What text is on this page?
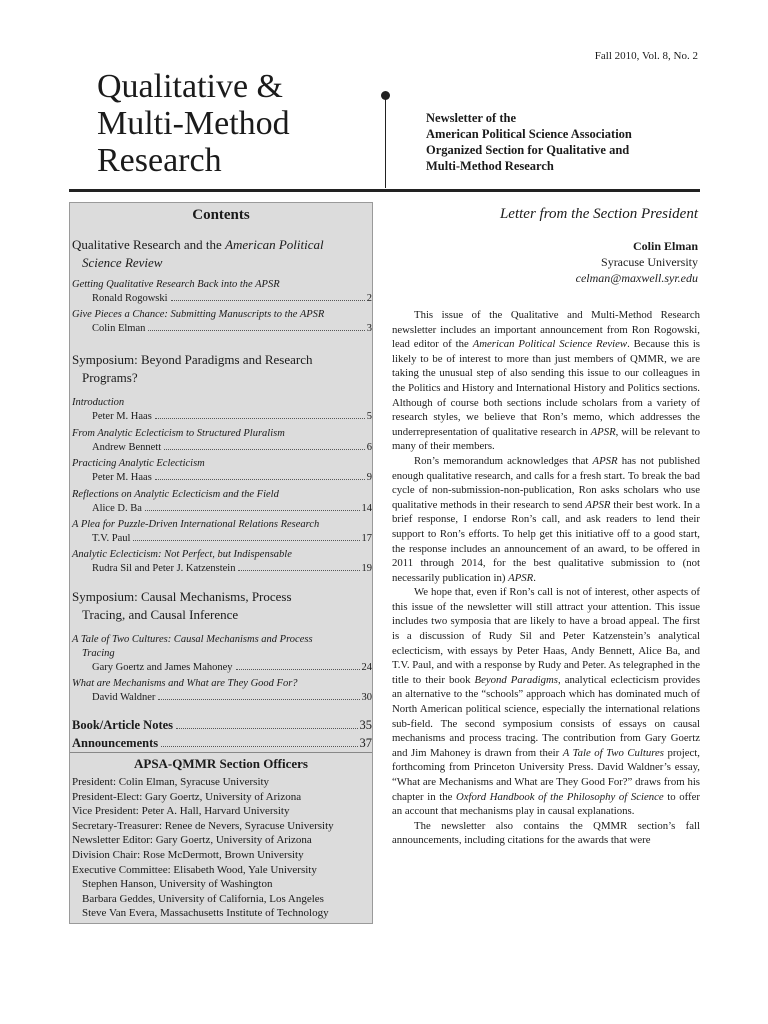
Fall 2010, Vol. 8, No. 2
Qualitative &
Multi-Method
Research
Newsletter of the
American Political Science Association
Organized Section for Qualitative and
Multi-Method Research
Contents
Qualitative Research and the American Political
Science Review
Getting Qualitative Research Back into the APSR
Ronald Rogowski	2
Give Pieces a Chance: Submitting Manuscripts to the APSR
Colin Elman	3
Symposium: Beyond Paradigms and Research
Programs?
Introduction
Peter M. Haas	5
From Analytic Eclecticism to Structured Pluralism
Andrew Bennett	6
Practicing Analytic Eclecticism
Peter M. Haas	9
Reflections on Analytic Eclecticism and the Field
Alice D. Ba	14
A Plea for Puzzle-Driven International Relations Research
T.V. Paul	17
Analytic Eclecticism: Not Perfect, but Indispensable
Rudra Sil and Peter J. Katzenstein	19
Symposium: Causal Mechanisms, Process
Tracing, and Causal Inference
A Tale of Two Cultures: Causal Mechanisms and Process
Tracing
Gary Goertz and James Mahoney	24
What are Mechanisms and What are They Good For?
David Waldner	30
Book/Article Notes	35
Announcements	37
APSA-QMMR Section Officers
President: Colin Elman, Syracuse University
President-Elect: Gary Goertz, University of Arizona
Vice President: Peter A. Hall, Harvard University
Secretary-Treasurer: Renee de Nevers, Syracuse University
Newsletter Editor: Gary Goertz, University of Arizona
Division Chair: Rose McDermott, Brown University
Executive Committee: Elisabeth Wood, Yale University
Stephen Hanson, University of Washington
Barbara Geddes, University of California, Los Angeles
Steve Van Evera, Massachusetts Institute of Technology
Letter from the Section President
Colin Elman
Syracuse University
celman@maxwell.syr.edu

This issue of the Qualitative and Multi-Method Research newsletter includes an important announcement from Ron Rogowski, lead editor of the American Political Science Review. Because this is likely to be of interest to more than just members of QMMR, we are taking the unusual step of also sending this issue to our colleagues in the Politics and History and International History and Politics sections. Although of course both sections include scholars from a variety of research styles, we believe that Ron’s memo, which addresses the underrepresentation of qualitative research in APSR, will be relevant to many of their members.

Ron’s memorandum acknowledges that APSR has not published enough qualitative research, and calls for a fresh start. To break the bad cycle of non-submission-non-publication, Ron asks scholars who use qualitative methods in their research to send APSR their best work. In a brief response, I endorse Ron’s call, and ask readers to lend their support to Ron’s efforts. To help get this initiative off to a good start, the response includes an announcement of an award, to be offered in 2011 through 2014, for the best qualitative submission to (not necessarily publication in) APSR.

We hope that, even if Ron’s call is not of interest, other aspects of this issue of the newsletter will still attract your attention. This issue includes two symposia that are likely to have a broad appeal. The first is a discussion of Rudy Sil and Peter Katzenstein’s analytical eclecticism, with essays by Peter Haas, Andy Bennett, Alice Ba, and T.V. Paul, and with a response by Rudy and Peter. As telegraphed in the title to their book Beyond Paradigms, analytical eclecticism provides an alternative to the “schools” approach which has dominated much of North American political science, especially the international relations sub-field. The second symposium consists of essays on causal mechanisms and process tracing. The contribution from Gary Goertz and Jim Mahoney is drawn from their A Tale of Two Cultures project, forthcoming from Princeton University Press. David Waldner’s essay, “What are Mechanisms and What are They Good For?” draws from his chapter in the Oxford Handbook of the Philosophy of Science to offer an account that mechanisms play in causal explanations.

The newsletter also contains the QMMR section’s fall announcements, including citations for the awards that were
